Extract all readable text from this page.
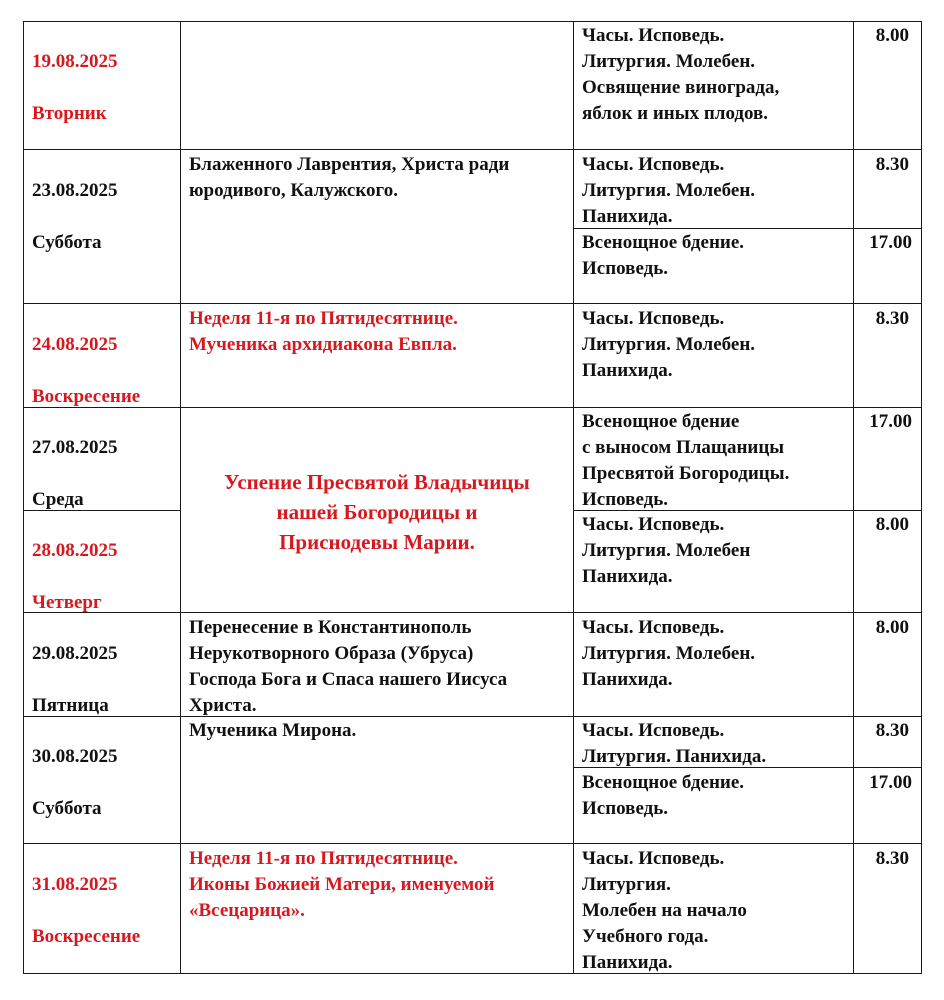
19.08.2025

Вторник

Часы. Исповедь.
Литургия. Молебен.
Освящение винограда,
яблок и иных плодов.
8.00

23.08.2025

Суббота

Блаженного Лаврентия, Христа ради
юродивого, Калужского.
Часы. Исповедь.
Литургия. Молебен.
Панихида.
8.30
Всенощное бдение.
Исповедь.
17.00

24.08.2025

Воскресение

Неделя 11-я по Пятидесятнице.
Мученика архидиакона Евпла.
Часы. Исповедь.
Литургия. Молебен.
Панихида.
8.30

27.08.2025

Среда

Всенощное бдение
с выносом Плащаницы
Пресвятой Богородицы.
Исповедь.
17.00
Успение Пресвятой Владычицы
нашей Богородицы и
Приснодевы Марии.

28.08.2025

Четверг

Часы. Исповедь.
Литургия. Молебен
Панихида.
8.00

29.08.2025

Пятница

Перенесение в Константинополь
Нерукотворного Образа (Убруса)
Господа Бога и Спаса нашего Иисуса
Христа.
Часы. Исповедь.
Литургия. Молебен.
Панихида.
8.00

30.08.2025

Суббота

Мученика Мирона.	Часы. Исповедь.
Литургия. Панихида.
8.30
Всенощное бдение.
Исповедь.
17.00

31.08.2025

Воскресение

Неделя 11-я по Пятидесятнице.
Иконы Божией Матери, именуемой
«Всецарица».
Часы. Исповедь.
Литургия.
Молебен на начало
Учебного года.
Панихида.
8.30
